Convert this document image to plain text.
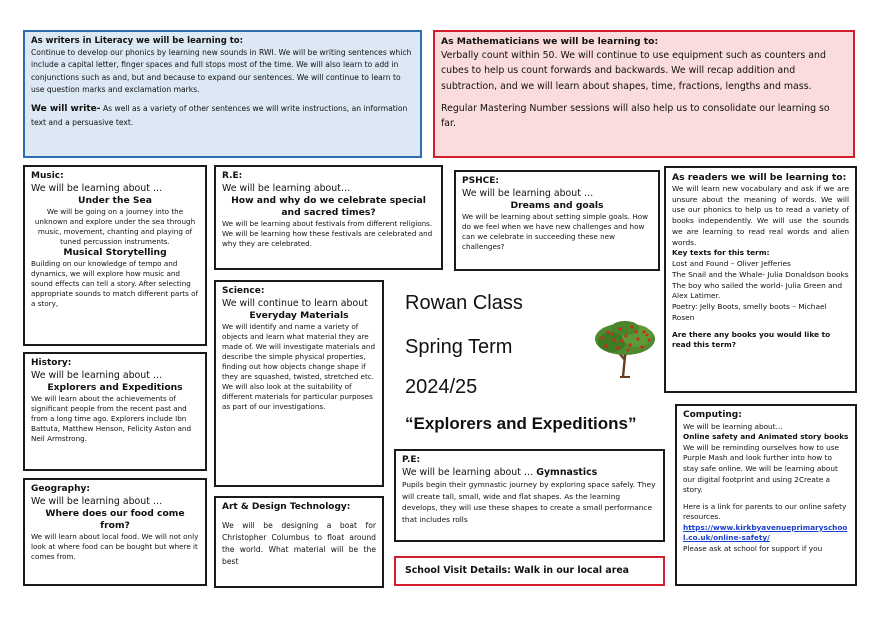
As writers in Literacy we will be learning to:

Continue to develop our phonics by learning new sounds in RWI. We will be writing sentences which include a capital letter, finger spaces and full stops most of the time. We will also learn to add in conjunctions such as and, but and because to expand our sentences. We will continue to learn to use question marks and exclamation marks.

We will write- As well as a variety of other sentences we will write instructions, an information text and a persuasive text.

As Mathematicians we will be learning to:

Verbally count within 50. We will continue to use equipment such as counters and cubes to help us count forwards and backwards. We will recap addition and subtraction, and we will learn about shapes, time, fractions, lengths and mass.

Regular Mastering Number sessions will also help us to consolidate our learning so far.

Music:

We will be learning about …

Under the Sea

We will be going on a journey into the unknown and explore under the sea through music, movement, chanting and playing of tuned percussion instruments.

Musical Storytelling

Building on our knowledge of tempo and dynamics, we will explore how music and sound effects can tell a story. After selecting appropriate sounds to match different parts of a story,

R.E:

We will be learning about…

How and why do we celebrate special and sacred times?

We will be learning about festivals from different religions. We will be learning how these festivals are celebrated and why they are celebrated.

PSHCE:

We will be learning about …

Dreams and goals

We will be learning about setting simple goals. How do we feel when we have new challenges and how can we celebrate in succeeding these new challenges?

As readers we will be learning to:

We will learn new vocabulary and ask if we are unsure about the meaning of words. We will use our phonics to help us to read a variety of books independently. We will use the sounds we are learning to read real words and alien words.

Key texts for this term:

Lost and Found – Oliver Jefferies

The Snail and the Whale- Julia Donaldson books

The boy who sailed the world- Julia Green and Alex Latimer.

Poetry: Jelly Boots, smelly boots – Michael Rosen

Are there any books you would like to read this term?

Science:

We will continue to learn about

Everyday Materials

We will identify and name a variety of objects and learn what material they are made of. We will investigate materials and describe the simple physical properties, finding out how objects change shape if they are squashed, twisted, stretched etc. We will also look at the suitability of different materials for particular purposes as part of our investigations.

History:

We will be learning about …

Explorers and Expeditions

We will learn about the achievements of significant people from the recent past and from a long time ago. Explorers include Ibn Battuta, Matthew Henson, Felicity Aston and Neil Armstrong.

Geography:

We will be learning about …

Where does our food come from?

We will learn about local food. We will not only look at where food can be bought but where it comes from.

Art & Design Technology:

We will be designing a boat for Christopher Columbus to float around the world. What material will be the best

P.E:

We will be learning about … Gymnastics

Pupils begin their gymnastic journey by exploring space safely. They will create tall, small, wide and flat shapes. As the learning develops, they will use these shapes to create a small performance that includes rolls

School Visit Details: Walk in our local area

Computing:

We will be learning about…

Online safety and Animated story books

We will be reminding ourselves how to use Purple Mash and look further into how to stay safe online. We will be learning about our digital footprint and using 2Create a story.

Here is a link for parents to our online safety resources.

https://www.kirkbyavenueprimaryschool.co.uk/online-safety/

Please ask at school for support if you

Rowan Class
Spring Term
2024/25
“Explorers and Expeditions”
